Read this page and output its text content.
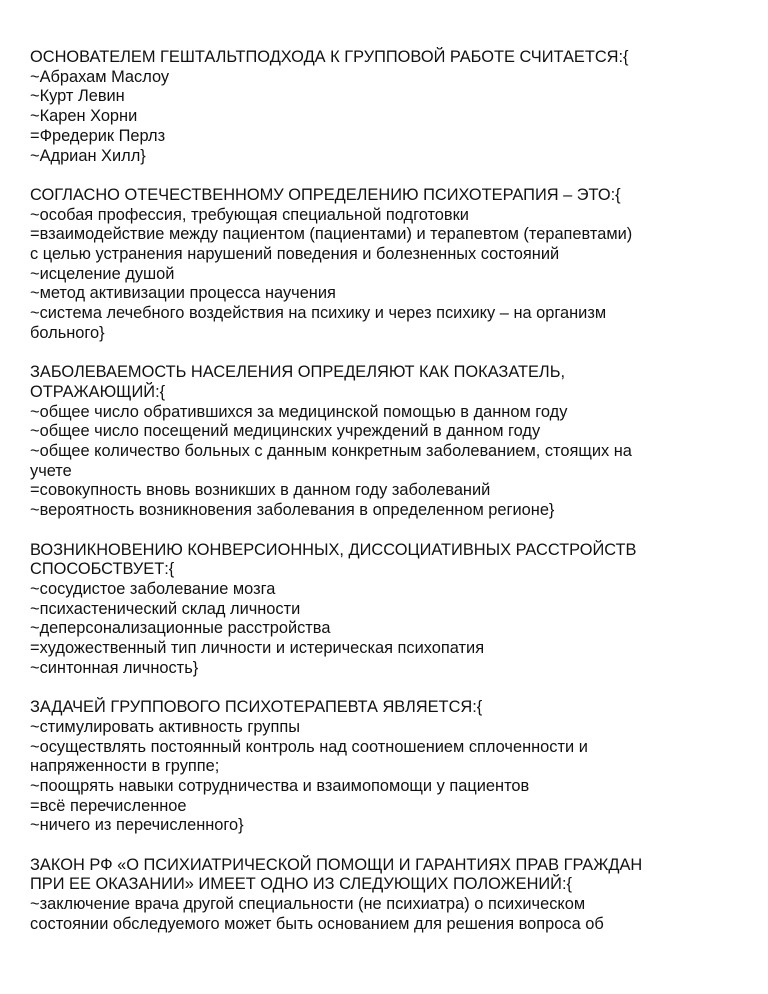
ОСНОВАТЕЛЕМ ГЕШТАЛЬТПОДХОДА К ГРУППОВОЙ РАБОТЕ СЧИТАЕТСЯ:{
~Абрахам Маслоу
~Курт Левин
~Карен Хорни
=Фредерик Перлз
~Адриан Хилл}
СОГЛАСНО ОТЕЧЕСТВЕННОМУ ОПРЕДЕЛЕНИЮ ПСИХОТЕРАПИЯ – ЭТО:{
~особая профессия, требующая специальной подготовки
=взаимодействие между пациентом (пациентами) и терапевтом (терапевтами)
с целью устранения нарушений поведения и болезненных состояний
~исцеление душой
~метод активизации процесса научения
~система лечебного воздействия на психику и через психику – на организм
больного}
ЗАБОЛЕВАЕМОСТЬ НАСЕЛЕНИЯ ОПРЕДЕЛЯЮТ КАК ПОКАЗАТЕЛЬ,
ОТРАЖАЮЩИЙ:{
~общее число обратившихся за медицинской помощью в данном году
~общее число посещений медицинских учреждений в данном году
~общее количество больных с данным конкретным заболеванием, стоящих на
учете
=совокупность вновь возникших в данном году заболеваний
~вероятность возникновения заболевания в определенном регионе}
ВОЗНИКНОВЕНИЮ КОНВЕРСИОННЫХ, ДИССОЦИАТИВНЫХ РАССТРОЙСТВ
СПОСОБСТВУЕТ:{
~сосудистое заболевание мозга
~психастенический склад личности
~деперсонализационные расстройства
=художественный тип личности и истерическая психопатия
~синтонная личность}
ЗАДАЧЕЙ ГРУППОВОГО ПСИХОТЕРАПЕВТА ЯВЛЯЕТСЯ:{
~стимулировать активность группы
~осуществлять постоянный контроль над соотношением сплоченности и
напряженности в группе;
~поощрять навыки сотрудничества и взаимопомощи у пациентов
=всё перечисленное
~ничего из перечисленного}
ЗАКОН РФ «О ПСИХИАТРИЧЕСКОЙ ПОМОЩИ И ГАРАНТИЯХ ПРАВ ГРАЖДАН
ПРИ ЕЕ ОКАЗАНИИ» ИМЕЕТ ОДНО ИЗ СЛЕДУЮЩИХ ПОЛОЖЕНИЙ:{
~заключение врача другой специальности (не психиатра) о психическом
состоянии обследуемого может быть основанием для решения вопроса об
